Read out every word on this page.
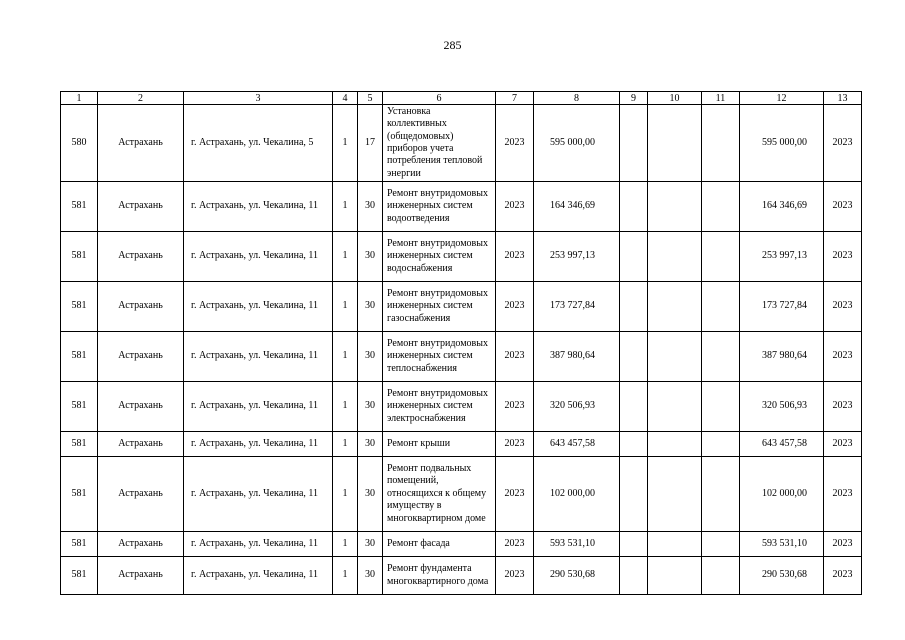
285
1	2	3	4	5	6	7	8	9	10	11	12	13
580	Астрахань	г. Астрахань, ул. Чекалина, 5	1	17	Установка коллективных (общедомовых) приборов учета потребления тепловой энергии	2023	595 000,00				595 000,00	2023
581	Астрахань	г. Астрахань, ул. Чекалина, 11	1	30	Ремонт внутридомовых инженерных систем водоотведения	2023	164 346,69				164 346,69	2023
581	Астрахань	г. Астрахань, ул. Чекалина, 11	1	30	Ремонт внутридомовых инженерных систем водоснабжения	2023	253 997,13				253 997,13	2023
581	Астрахань	г. Астрахань, ул. Чекалина, 11	1	30	Ремонт внутридомовых инженерных систем газоснабжения	2023	173 727,84				173 727,84	2023
581	Астрахань	г. Астрахань, ул. Чекалина, 11	1	30	Ремонт внутридомовых инженерных систем теплоснабжения	2023	387 980,64				387 980,64	2023
581	Астрахань	г. Астрахань, ул. Чекалина, 11	1	30	Ремонт внутридомовых инженерных систем электроснабжения	2023	320 506,93				320 506,93	2023
581	Астрахань	г. Астрахань, ул. Чекалина, 11	1	30	Ремонт крыши	2023	643 457,58				643 457,58	2023
581	Астрахань	г. Астрахань, ул. Чекалина, 11	1	30	Ремонт подвальных помещений, относящихся к общему имуществу в многоквартирном доме	2023	102 000,00				102 000,00	2023
581	Астрахань	г. Астрахань, ул. Чекалина, 11	1	30	Ремонт фасада	2023	593 531,10				593 531,10	2023
581	Астрахань	г. Астрахань, ул. Чекалина, 11	1	30	Ремонт фундамента многоквартирного дома	2023	290 530,68				290 530,68	2023
